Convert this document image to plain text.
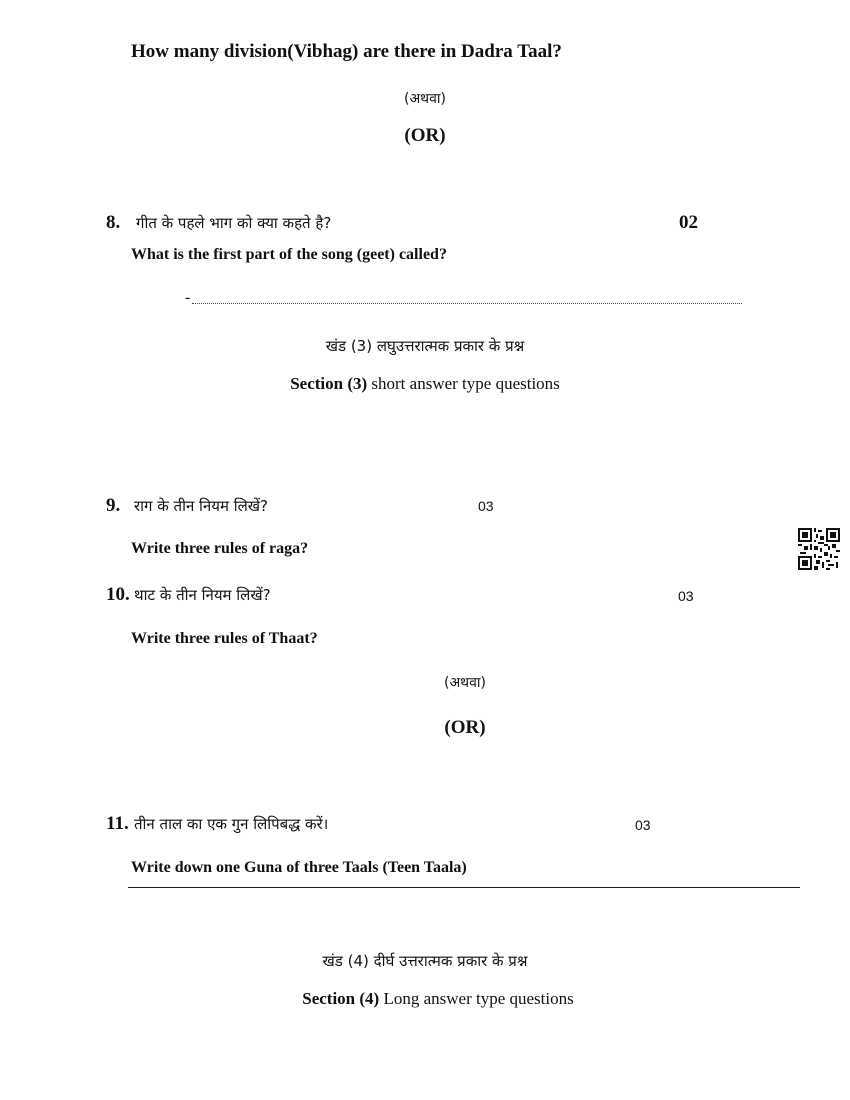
How many division(Vibhag) are there in Dadra Taal?
(अथवा)
(OR)
8. गीत के पहले भाग को क्या कहते है?	02
What is the first part of the song (geet) called?
-
खंड (3) लघुउत्तरात्मक प्रकार के प्रश्न
Section (3) short answer type questions
9. राग के तीन नियम लिखें?	03
Write three rules of raga?
10. थाट के तीन नियम लिखें?	03
Write three rules of Thaat?
(अथवा)
(OR)
11. तीन ताल का एक गुन लिपिबद्ध करें।	03
Write down one Guna of three Taals (Teen Taala)
खंड (4) दीर्घ उत्तरात्मक प्रकार के प्रश्न
Section (4) Long answer type questions
